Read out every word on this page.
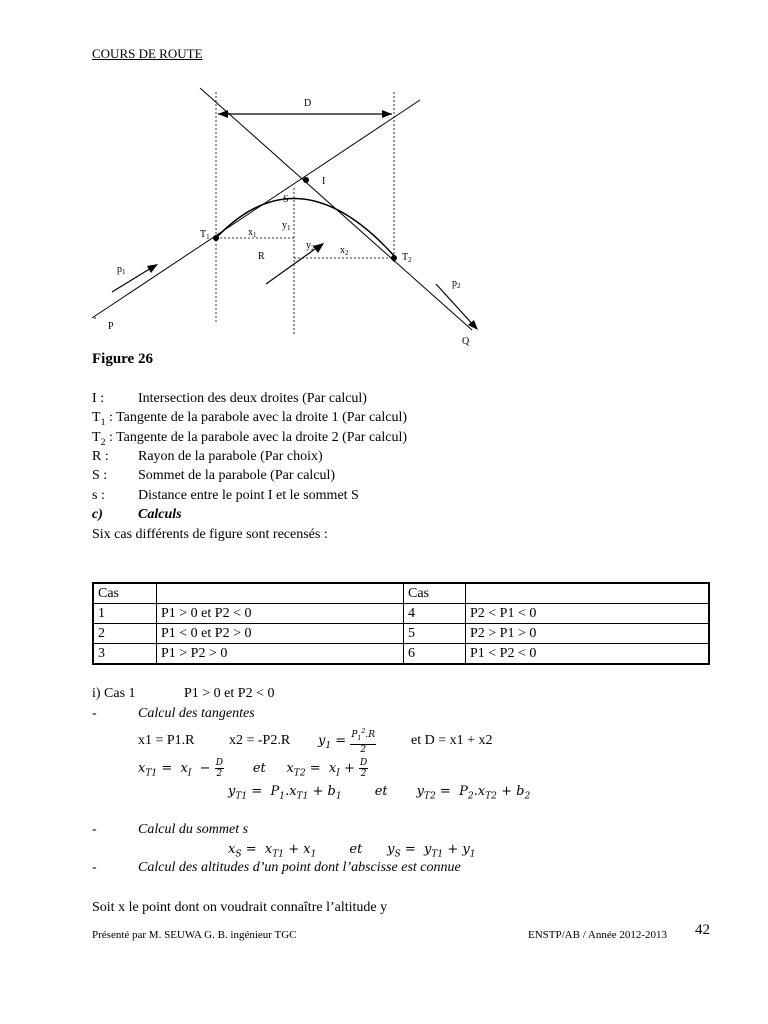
COURS DE ROUTE
D
I
S
$T_1$	$x_1$
$y_1$
$y_2$	$x_2$
R	$T_2$
$p_1$
$p_2$
P
Q
Figure 26
I : Intersection des deux droites (Par calcul)
$T_1$ : Tangente de la parabole avec la droite 1 (Par calcul)
$T_2$ : Tangente de la parabole avec la droite 2 (Par calcul)
R : Rayon de la parabole (Par choix)
S : Sommet de la parabole (Par calcul)
s : Distance entre le point I et le sommet S
c)	Calculs
Six cas différents de figure sont recensés :
Cas		Cas	
1	P1 > 0 et P2 < 0	4	P2 < P1 < 0
2	P1 < 0 et P2 > 0	5	P2 > P1 > 0
3	P1 > P2 > 0	6	P1 < P2 < 0
i) Cas 1	P1 > 0 et P2 < 0
-	Calcul des tangentes
x1 = P1.R x2 = -P2.R $y_1 = \frac{P_1^2.R}{2}$ et D = x1 + x2
$x_{T1} = x_I - \frac{D}{2}$ et     $x_{T2} = x_I + \frac{D}{2}$
$y_{T1} = P_1.x_{T1} + b_1$        et       $y_{T2} = P_2.x_{T2} + b_2$
-	Calcul du sommet s
$x_S = x_{T1} + x_1$        et      $y_S = y_{T1} + y_1$
-	Calcul des altitudes d’un point dont l’abscisse est connue
Soit x le point dont on voudrait connaître l’altitude y
Présenté par M. SEUWA G. B. ingénieur TGC	ENSTP/AB / Année 2012-2013 42
